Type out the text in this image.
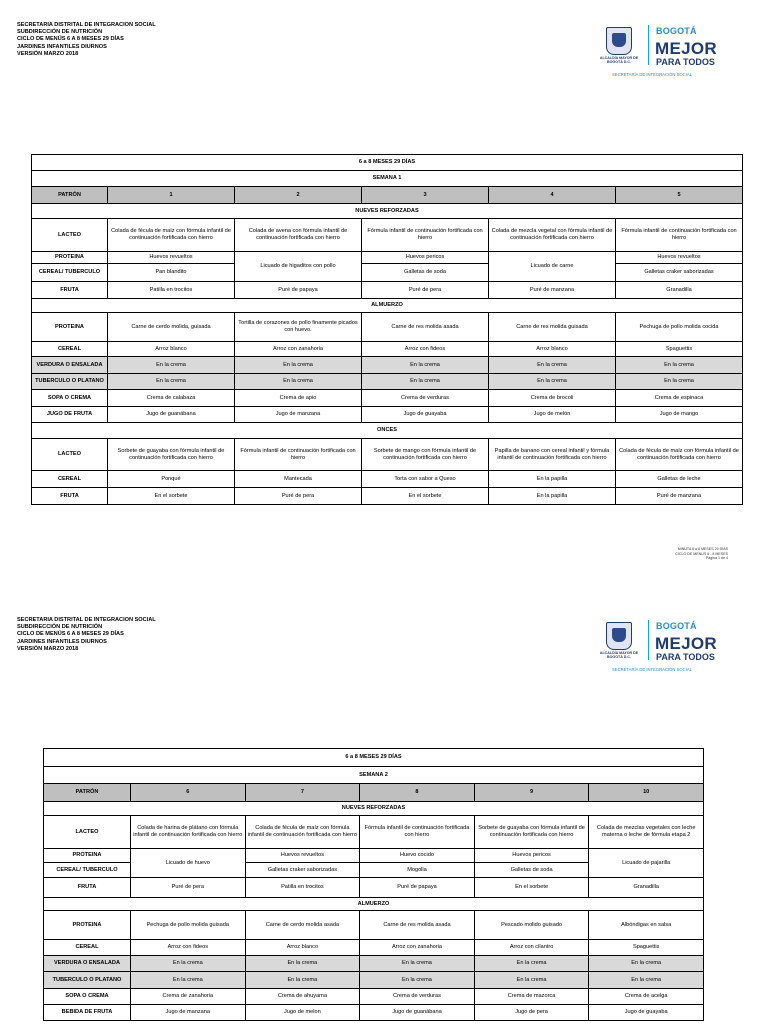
SECRETARIA DISTRITAL DE INTEGRACION SOCIAL
SUBDIRECCIÓN DE NUTRICIÓN
CICLO DE MENÚS 6 A 8 MESES 29 DÍAS
JARDINES INFANTILES DIURNOS
VERSIÓN MARZO 2018
ALCALDÍA MAYOR DE BOGOTÁ D.C.
BOGOTÁ
MEJOR
PARA TODOS
SECRETARÍA DE INTEGRACIÓN SOCIAL
6 a 8 MESES 29 DÍAS					
SEMANA 1					
PATRÓN	1	2	3	4	5
NUEVES REFORZADAS					
LACTEO	Colada de fécula de maíz con fórmula infantil de continuación fortificada con hierro	Colada de avena con fórmula infantil de continuación fortificada con hierro	Fórmula infantil de continuación fortificada con hierro	Colada de mezcla vegetal con fórmula infantil de continuación fortificada con hierro	Fórmula infantil de continuación fortificada con hierro
PROTEINA	Huevos revueltos	Licuado de higaditos con pollo	Huevos pericos	Licuado de carne	Huevos revueltos
CEREAL/ TUBERCULO	Pan blandito		Galletas de soda		Galletas craker saborizadas
FRUTA	Patilla en trocitos	Puré de papaya	Puré de pera	Puré de manzana	Granadilla
ALMUERZO					
PROTEINA	Carne de cerdo molida, guisada	Tortilla de corazones de pollo finamente picados con huevo.	Carne de res molida asada	Carne de res molida guisada	Pechuga de pollo molida cocida
CEREAL	Arroz blanco	Arroz con zanahoria	Arroz con fideos	Arroz blanco	Spaguettis
VERDURA O ENSALADA	En la crema	En la crema	En la crema	En la crema	En la crema
TUBERCULO O PLATANO	En la crema	En la crema	En la crema	En la crema	En la crema
SOPA O CREMA	Crema de calabaza	Crema de apio	Crema de verduras	Crema de brocoli	Crema de espinaca
JUGO DE FRUTA	Jugo de guanábana	Jugo de manzana	Jugo de guayaba	Jugo de melón	Jugo de mango
ONCES					
LACTEO	Sorbete de guayaba con fórmula infantil de continuación fortificada con hierro	Fórmula infantil de continuación fortificada con hierro	Sorbete de mango con fórmula infantil de continuación fortificada con hierro	Papilla de banano con cereal infantil y fórmula infantil de continuación fortificada con hierro	Colada de fécula de maíz con fórmula infantil de continuación fortificada con hierro
CEREAL	Ponqué	Mantecada	Torta con sabor a Queso	En la papilla	Galletas de leche
FRUTA	En el sorbete	Puré de pera	En el sorbete	En la papilla	Puré de manzana
MINUTA 6 a 8 MESES 29 DÍAS
CICLO DE MENUS 6 - 8 MESES
Página 1 de 4
SECRETARIA DISTRITAL DE INTEGRACION SOCIAL
SUBDIRECCIÓN DE NUTRICIÓN
CICLO DE MENÚS 6 A 8 MESES 29 DÍAS
JARDINES INFANTILES DIURNOS
VERSIÓN MARZO 2018
ALCALDÍA MAYOR DE BOGOTÁ D.C.
BOGOTÁ
MEJOR
PARA TODOS
SECRETARÍA DE INTEGRACIÓN SOCIAL
6 a 8 MESES 29 DÍAS					
SEMANA 2					
PATRÓN	6	7	8	9	10
NUEVES REFORZADAS					
LACTEO	Colada de harina de plátano con fórmula infantil de continuación fortificada con hierro	Colada de fécula de maíz con fórmula infantil de continuación fortificada con hierro	Fórmula infantil de continuación fortificada con hierro	Sorbete de guayaba con fórmula infantil de continuación fortificada con hierro	Colada de mezclas vegetales con leche materna o leche de fórmula etapa 2
PROTEINA	Licuado de huevo	Huevos revueltos	Huevo cocido	Huevos pericos	Licuado de pajarilla
CEREAL/ TUBERCULO		Galletas craker saborizadas	Mogolla	Galletas de soda	
FRUTA	Puré de pera	Patilla en trocitos	Puré de papaya	En el sorbete	Granadilla
ALMUERZO					
PROTEINA	Pechuga de pollo molida guisada	Carne de cerdo molida asada	Carne de res molida asada	Pescado molido guisado	Albóndigas en salsa
CEREAL	Arroz con fideos	Arroz blanco	Arroz con zanahoria	Arroz con cilantro	Spaguettis
VERDURA O ENSALADA	En la crema	En la crema	En la crema	En la crema	En la crema
TUBERCULO O PLATANO	En la crema	En la crema	En la crema	En la crema	En la crema
SOPA O CREMA	Crema de zanahoria	Crema de ahuyama	Crema de verduras	Crema de mazorca	Crema de acelga
BEBIDA DE FRUTA	Jugo de manzana	Jugo de melon	Jugo de guanábana	Jugo de pera	Jugo de guayaba
